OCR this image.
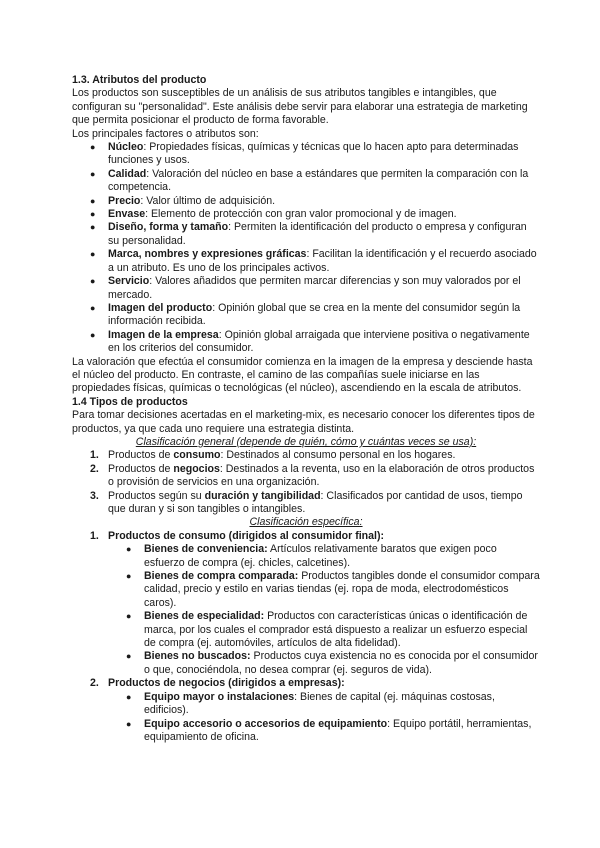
1.3. Atributos del producto

Los productos son susceptibles de un análisis de sus atributos tangibles e intangibles, que configuran su "personalidad". Este análisis debe servir para elaborar una estrategia de marketing que permita posicionar el producto de forma favorable.

Los principales factores o atributos son:

● Núcleo: Propiedades físicas, químicas y técnicas que lo hacen apto para determinadas funciones y usos.
● Calidad: Valoración del núcleo en base a estándares que permiten la comparación con la competencia.
● Precio: Valor último de adquisición.
● Envase: Elemento de protección con gran valor promocional y de imagen.
● Diseño, forma y tamaño: Permiten la identificación del producto o empresa y configuran su personalidad.
● Marca, nombres y expresiones gráficas: Facilitan la identificación y el recuerdo asociado a un atributo. Es uno de los principales activos.
● Servicio: Valores añadidos que permiten marcar diferencias y son muy valorados por el mercado.
● Imagen del producto: Opinión global que se crea en la mente del consumidor según la información recibida.
● Imagen de la empresa: Opinión global arraigada que interviene positiva o negativamente en los criterios del consumidor.

La valoración que efectúa el consumidor comienza en la imagen de la empresa y desciende hasta el núcleo del producto. En contraste, el camino de las compañías suele iniciarse en las propiedades físicas, químicas o tecnológicas (el núcleo), ascendiendo en la escala de atributos.

1.4 Tipos de productos

Para tomar decisiones acertadas en el marketing-mix, es necesario conocer los diferentes tipos de productos, ya que cada uno requiere una estrategia distinta.

Clasificación general (depende de quién, cómo y cuántas veces se usa):

1. Productos de consumo: Destinados al consumo personal en los hogares.
2. Productos de negocios: Destinados a la reventa, uso en la elaboración de otros productos o provisión de servicios en una organización.
3. Productos según su duración y tangibilidad: Clasificados por cantidad de usos, tiempo que duran y si son tangibles o intangibles.

Clasificación específica:

1. Productos de consumo (dirigidos al consumidor final):
● Bienes de conveniencia: Artículos relativamente baratos que exigen poco esfuerzo de compra (ej. chicles, calcetines).
● Bienes de compra comparada: Productos tangibles donde el consumidor compara calidad, precio y estilo en varias tiendas (ej. ropa de moda, electrodomésticos caros).
● Bienes de especialidad: Productos con características únicas o identificación de marca, por los cuales el comprador está dispuesto a realizar un esfuerzo especial de compra (ej. automóviles, artículos de alta fidelidad).
● Bienes no buscados: Productos cuya existencia no es conocida por el consumidor o que, conociéndola, no desea comprar (ej. seguros de vida).
2. Productos de negocios (dirigidos a empresas):
● Equipo mayor o instalaciones: Bienes de capital (ej. máquinas costosas, edificios).
● Equipo accesorio o accesorios de equipamiento: Equipo portátil, herramientas, equipamiento de oficina.
